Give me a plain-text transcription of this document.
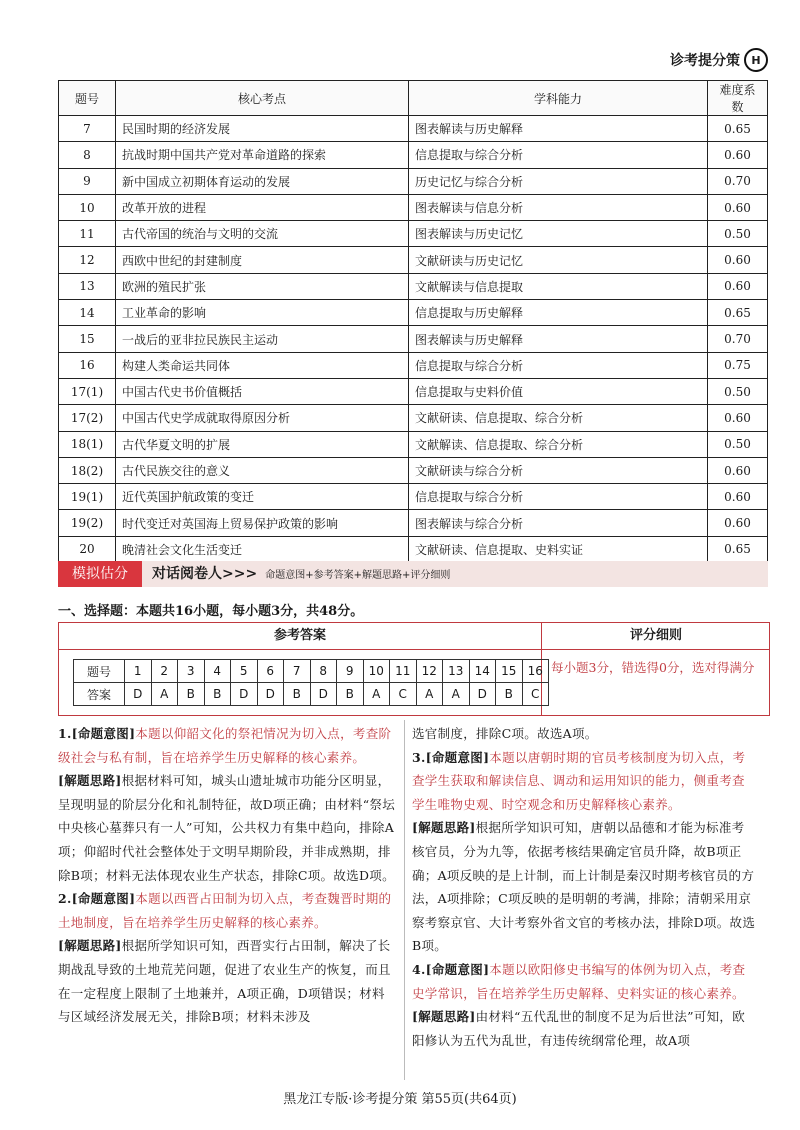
诊考提分策	H
题号	核心考点	学科能力	难度系数
7	民国时期的经济发展	图表解读与历史解释	0.65
8	抗战时期中国共产党对革命道路的探索	信息提取与综合分析	0.60
9	新中国成立初期体育运动的发展	历史记忆与综合分析	0.70
10	改革开放的进程	图表解读与信息分析	0.60
11	古代帝国的统治与文明的交流	图表解读与历史记忆	0.50
12	西欧中世纪的封建制度	文献研读与历史记忆	0.60
13	欧洲的殖民扩张	文献解读与信息提取	0.60
14	工业革命的影响	信息提取与历史解释	0.65
15	一战后的亚非拉民族民主运动	图表解读与历史解释	0.70
16	构建人类命运共同体	信息提取与综合分析	0.75
17(1)	中国古代史书价值概括	信息提取与史料价值	0.50
17(2)	中国古代史学成就取得原因分析	文献研读、信息提取、综合分析	0.60
18(1)	古代华夏文明的扩展	文献解读、信息提取、综合分析	0.50
18(2)	古代民族交往的意义	文献研读与综合分析	0.60
19(1)	近代英国护航政策的变迁	信息提取与综合分析	0.60
19(2)	时代变迁对英国海上贸易保护政策的影响	图表解读与综合分析	0.60
20	晚清社会文化生活变迁	文献研读、信息提取、史料实证	0.65
模拟估分	对话阅卷人>>> 命题意图+参考答案+解题思路+评分细则
一、选择题：本题共16小题，每小题3分，共48分。
参考答案	评分细则
题号	1	2	3	4	5	6	7	8	9	10	11	12	13	14	15	16
答案	D	A	B	B	D	D	B	D	B	A	C	A	A	D	B	C
每小题3分，错选得0分，选对得满分

1.[命题意图]本题以仰韶文化的祭祀情况为切入点，考查阶级社会与私有制，旨在培养学生历史解释的核心素养。

[解题思路]根据材料可知，城头山遗址城市功能分区明显，呈现明显的阶层分化和礼制特征，故D项正确；由材料“祭坛中央核心墓葬只有一人”可知，公共权力有集中趋向，排除A项；仰韶时代社会整体处于文明早期阶段，并非成熟期，排除B项；材料无法体现农业生产状态，排除C项。故选D项。

2.[命题意图]本题以西晋占田制为切入点，考查魏晋时期的土地制度，旨在培养学生历史解释的核心素养。

[解题思路]根据所学知识可知，西晋实行占田制，解决了长期战乱导致的土地荒芜问题，促进了农业生产的恢复，而且在一定程度上限制了土地兼并，A项正确，D项错误；材料与区域经济发展无关，排除B项；材料未涉及

选官制度，排除C项。故选A项。

3.[命题意图]本题以唐朝时期的官员考核制度为切入点，考查学生获取和解读信息、调动和运用知识的能力，侧重考查学生唯物史观、时空观念和历史解释核心素养。

[解题思路]根据所学知识可知，唐朝以品德和才能为标准考核官员，分为九等，依据考核结果确定官员升降，故B项正确；A项反映的是上计制，而上计制是秦汉时期考核官员的方法，A项排除；C项反映的是明朝的考满，排除；清朝采用京察考察京官、大计考察外省文官的考核办法，排除D项。故选B项。

4.[命题意图]本题以欧阳修史书编写的体例为切入点，考查史学常识，旨在培养学生历史解释、史料实证的核心素养。

[解题思路]由材料“五代乱世的制度不足为后世法”可知，欧阳修认为五代为乱世，有违传统纲常伦理，故A项

黑龙江专版·诊考提分策 第55页(共64页)
